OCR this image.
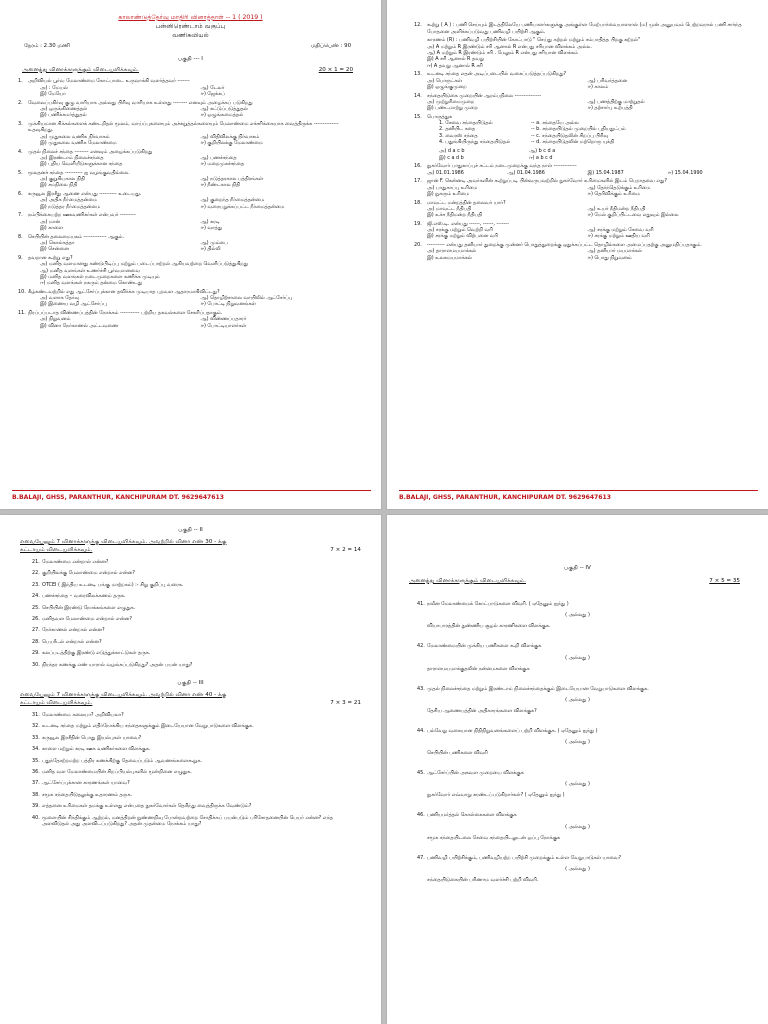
காலாண்டுத்தேர்வு மாதிரி வினாத்தாள் -- 1 ( 2019 )
பன்னிரெண்டாம் வகுப்பு
வணிகவியல்
நேரம் : 2.30 மணி	மதிப்பெண் : 90
பகுதி --- I
அனைத்து வினாக்களுக்கும் விடையளிக்கவும்.	20 × 1 = 20
1. அறிவியல் பூர்வ மேலாண்மை கோட்பாடை உருவாக்கி வளர்த்தவர் -------
அ) : மேயல்	ஆ) டேலர்
இ) மேயோ	ஈ) ஜேக்கப்
2. வேலைப்பகிர்வு குழு வாரியாக அல்லது பிரிவு வாரியாக உள்ளது -------- எனவும் அழைக்கப் படுகிறது
அ) ஒருங்கிணைத்தல்	ஆ) கட்டுப்படுத்துதல்
இ) பணிக்கமர்த்துதல்	ஈ) ஒழுங்கமைத்தல்
3. முக்கியமான சிக்கல்களைக் கண்டறிதல் மூலம், வாய்ப்புகளையும் அச்சுறுத்தல்களையும் மேலாண்மை எச்சரிக்கையாக வைத்திருக்க -------------- உதவுகிறது.
அ) முதுகலை வணிக நிர்வாகம்	ஆ) விதிவிலக்கு நிர்வாகம்
இ) முதுகலை வணிக மேலாண்மை	ஈ) குறியிலக்கு மேலாண்மை
4. முதல் நிலைச் சந்தை -------- எனவும் அழைக்கப்படுகிறது
அ) இரண்டாம் நிலைச்சந்தை	ஆ) பணச்சந்தை
இ) புதிய வெளியீடுகளுக்கான சந்தை	ஈ) மறைமுகச்சந்தை
5. மூலதனச் சந்தை ---------- ஐ வழங்குவதில்லை.
அ) குறுகியகால நிதி	ஆ) நடுத்தரகால பத்திரங்கள்
இ) சமநிலை நிதி	ஈ) நீண்டகால நிதி
6. கருவூல இரசீது ஆணை என்பது ---------- உடையது.
அ) அதிக நீர்மைத்தன்மை	ஆ) குறைந்த நீர்மைத்தன்மை
இ) நடுத்தர நீர்மைத்தன்மை	ஈ) வரையறுக்கப்பட்ட நீர்மைத்தன்மை
7. நம்பிக்கையற்ற ஊகவணிகர்கள் என்பவர் ---------
அ) மான்	ஆ) கரடி
இ) காளை	ஈ) வாத்து
8. செபியின் தலைமையகம் ------------- ஆகும்.
அ) கொல்கத்தா	ஆ) மும்பை
இ) சென்னை	ஈ) தில்லி
9. தவறான கூற்று எது?
அ) மனித வளமானது கண்டுபிடிப்பு மற்றும் படைப்பாற்றல் ஆகியவற்றை வெளிப்படுத்துகிறது
ஆ) மனித வளங்கள் உணர்ச்சி பூர்வமானவை
இ) மனித வளங்கள் நடைமுறைகளை கணிக்க முடியும்
ஈ) மனித வளங்கள் நகரும் தன்மை கொண்டது
10. கீழ்கண்டவற்றில் எது ஆட்சேர்ப்புக்கான தவிர்க்க முடியாத புறவள ஆதாரமாகிவிட்டது?
அ) வளாக தேர்வு	ஆ) தொழிற்சாலை வாயிலில் ஆட்சேர்ப்பு
இ) இணைய வழி ஆட்சேர்ப்பு	ஈ) போட்டி நிறுவனங்கள்
11. நிரப்பப்படாத விண்ணப்பத்தின் நோக்கம் ----------- பற்றிய தகவல்களை சேகரிப்பதாகும்.
அ) நிறுவனம்	ஆ) விண்ணப்பதாரர்
இ) வினா நேர்காணல் அட்டவணை	ஈ) போட்டியாளர்கள்
B.BALAJI, GHSS, PARANTHUR, KANCHIPURAM DT. 9629647613
12. கூற்று ( A ) : பணி செய்யும் இடத்திலேயே பணியாளர்களுக்கு அங்குள்ள மேற்பார்வையாளரால் (ம) முன் அனுபவம் பெற்றவரால் பணி சார்ந்த போதனை அளிக்கப்படுவது பணிவழி பயிற்சி ஆகும்.
காரணம் (R) : பணிவழி பயிற்சியின் கோட்பாடு " செய்து கற்றல் மற்றும் சம்பாதித்த பிறகு கற்றல்"
அ) A மற்றும் R இரண்டும் சரி ஆனால் R என்பது சரியான விளக்கம் அல்ல.
ஆ) A மற்றும் R இரண்டும் சரி . மேலும் R என்பது சரியான விளக்கம்
இ) A சரி ஆனால் R தவறு
ஈ) A தவறு ஆனால் R சரி
13. உடனடி சந்தை எதன் அடிப்படையில் வகைப்படுத்தப்படுகிறது?
அ) பொருட்கள்	ஆ) பரிவர்த்தனை
இ) ஒழுங்குமுறை	ஈ) காலம்
14. சந்தையிடுகை முறையின் ஆரம்பநிலை ---------------
அ) முற்றுரிமைமுறை	ஆ) பணத்திற்கு மாற்றுதல்
இ) பண்டமாற்று முறை	ஈ) தற்சார்பு உற்பத்தி
15. பொருத்துக
1. சேவை சந்தையிடுதல்	-- a. சந்தையே அல்ல
2. தனியிட சதை	-- b. சந்தையிடுதல் முறையில் புதியதுட்பம்
3. வைரஸ் சந்தை	-- c. சந்தையிடுதலின் சிறப்பு பிரிவு
4. பதுங்கியிருந்து சந்தையிடுதல்	-- d. சந்தையிடுதலின் மற்றொரு யுக்தி
அ) d a c b	ஆ) b c d a
இ) c a d b	ஈ) a b c d
16. நுகர்வோர் பாதுகாப்புச் சட்டம் நடைமுறைக்கு வந்த நாள் -------------
அ) 01.01.1986	ஆ) 01.04.1986	இ) 15.04.1987	ஈ) 15.04.1990
17. ஜான் F. கென்னடி அவர்களின் கூற்றுப்படி பின்வருபவற்றில் நுகர்வோர் உரிமைகளில் இடம் பெறாதவை எது?
அ) பாதுகாப்பு உரிமை	ஆ) தேர்ந்தெடுக்கும் உரிமை
இ) நுகரும் உரிமை	ஈ) தெரிவிக்கும் உரிமை
18. மாவட்ட மன்றத்தின் தலைவர் யார்?
அ) மாவட்ட நீதிபதி	ஆ) உயர் நீதிமன்ற நீதிபதி
இ) உச்ச நீதிமன்ற நீதிபதி	ஈ) மேல் குறிப்பிட்டவை எதுவும் இல்லை
19. ஜி.எஸ்.டி. என்பது ------, ------, -------
அ) சரக்கு மற்றும் வெற்றி வரி	ஆ) சரக்கு மற்றும் சேவை வரி
இ) சரக்கு மற்றும் விற்பனை வரி	ஈ) சரக்கு மற்றும் ஊதிய வரி
20. ---------- என்பது தனியார் துறைக்கு முன்னர் பொதுத்துறைக்கு ஒதுக்கப்பட்ட தொழில்களை அமைப்பதற்கு அனுமதிப்பதாகும்.
அ) தாராளமயமாக்கல்	ஆ) தனியார் மயமாக்கல்
இ) உலகமயமாக்கல்	ஈ) பொது நிறுவனம்
B.BALAJI, GHSS, PARANTHUR, KANCHIPURAM DT. 9629647613
பகுதி -- II
எவையேனும் 7 வினாக்களுக்கு விடையளிக்கவும். அவற்றில் வினா எண் 30 - க்கு
கட்டாயம் விடையளிக்கவும்.	7 × 2 = 14
21. மேலாண்மை என்றால் என்ன?
22. குறியிலக்கு மேலாண்மை என்றால் என்ன?
23. OTCEI ( இந்திய உடனடி பங்கு மாற்றகம்) :- சிறு குறிப்பு வரைக.
24. பணச்சந்தை – வரைவிலக்கணம் தருக.
25. செபியின் இரண்டு நோக்கங்களை எழுதுக.
26. மனிதவள மேலாண்மை என்றால் என்ன?
27. நேர்காணல் என்றால் என்ன?
28. பெயரீடல் என்றால் என்ன?
29. கலப்படத்திற்கு இரண்டு எடுத்துக்காட்டுகள் தருக.
30. நிரந்தர கணக்கு எண் யாரால் வழங்கப்படுகிறது? அதன் பயன் யாது?
பகுதி -- III
எவையேனும் 7 வினாக்களுக்கு விடையளிக்கவும். அவற்றில் வினா எண் 40 - க்கு
கட்டாயம் விடையளிக்கவும்.	7 × 3 = 21
31. மேலாண்மை கலையா? அறிவியலா?
32. உடனடி சந்தை மற்றும் எதிர்நோக்கிய சந்தைகளுக்கும் இடையேயான வேறுபாடுகளை விளக்குக.
33. கருவூல இரசீதின் பொது இயல்புகள் யாவை?
34. காளை மற்றும் கரடி ஊக வணிகர்களை விளக்குக.
35. பதுந்தோற்றமற்ற பத்திர கணக்கிற்கு தேவைப்படும் ஆவணங்களைகூறுக.
36. மனித வள மேலாண்மையின் சிறப்பியல்புகளில் மூன்றினை எழுதுக.
37. ஆட்சேர்ப்புக்கான காரணங்கள் யாவை?
38. சமூக சந்தையிடுதலுக்கு உதாரணம் தருக.
39. எத்தனை உரிமைகள் தமக்கு உள்ளது என்பதை நுகர்வோர்கள் தெரிந்து வைத்திருக்க வேண்டும்?
40. மூளையின் சிந்திக்கும் ஆற்றல், மனத்திறன் நுண்ணறிவு போன்றவற்றை சோதிக்கப் பயன்படும் பரிசோதனையின் பெயர் என்ன? எந்த அளவிடுதல் அது அளவிடப்படுகிறது? அதன் முதன்மை நோக்கம் யாது?
பகுதி -- IV
அனைத்து வினாக்களுக்கும் விடையளிக்கவும்.	7 × 5 = 35
41. நவீன மேலாண்மைக் கோட்பாடுகளை விவரி. ( ஏதேனும் ஐந்து )
( அல்லது )
வியாபாரத்தின் நுண்ணிய சூழல் காரணிகளை விளக்குக.
42. மேலாண்மையின் முக்கிய பணிகளை கூறி விளக்குக
( அல்லது )
தாராளமயமாக்குதலின் நன்மைகளை விளக்குக
43. முதல் நிலைச்சந்தை மற்றும் இரண்டாம் நிலைச்சந்தைக்கும் இடையேயான வேறுபாடுகளை விளக்குக.
( அல்லது )
தேசிய ஆணையத்தின் அதிகாரங்களை விளக்குக?
44. பல்வேறு வகையான நிதிநிறுவனங்களைப் பற்றி விளக்குக. ( ஏதேனும் ஐந்து )
( அல்லது )
செபியின் பணிகளை விவரி
45. ஆட்சேர்ப்பின் அகவள முறையை விளக்குக
( அல்லது )
நுகர்வோர் எவ்வாறு சுரண்டப்படுகிறார்கள்? ( ஏதேனும் ஐந்து )
46. பணியமர்த்தல் கொள்கைகளை விளக்குக
( அல்லது )
சமூக சந்தையிடலை சேவை சந்தையிடலுடன் ஒப்பு நோக்குக
47. பணிவழி பயிற்சிக்கும், பணிவழியற்ற பயிற்சி முறைக்கும் உள்ள வேறுபாடுகள் யாவை?
( அல்லது )
சந்தையிடுகையின் பரிணாம வளர்ச்சி பற்றி விவரி.
